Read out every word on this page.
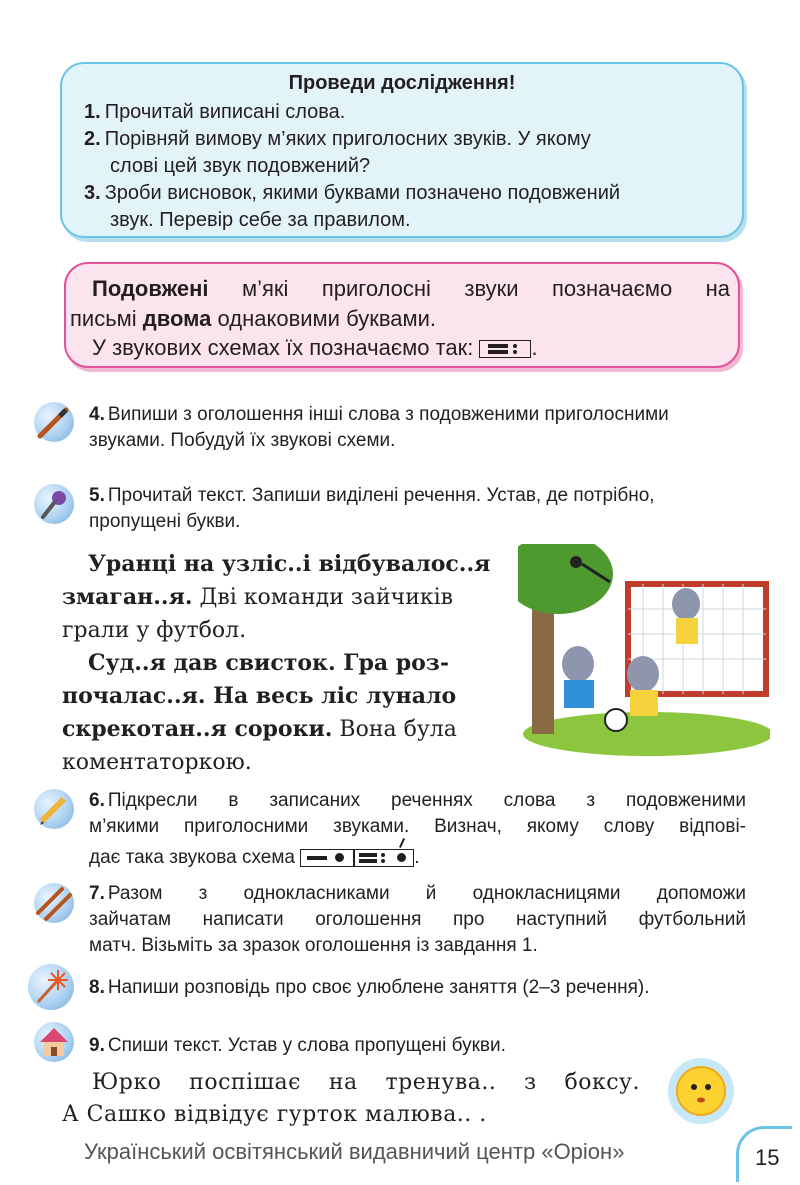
Проведи дослідження!
1. Прочитай виписані слова.
2. Порівняй вимову м’яких приголосних звуків. У якому
слові цей звук подовжений?
3. Зроби висновок, якими буквами позначено подовжений
звук. Перевір себе за правилом.
Подовжені м’які приголосні звуки позначаємо на
письмі двома однаковими буквами.
У звукових схемах їх позначаємо так:	.
4. Випиши з оголошення інші слова з подовженими приголосними
звуками. Побудуй їх звукові схеми.
5. Прочитай текст. Запиши виділені речення. Устав, де потрібно,
пропущені букви.
Уранці на узліс..і відбувалос..я
змаган..я. Дві команди зайчиків
грали у футбол.
Суд..я дав свисток. Гра роз-
почалас..я. На весь ліс лунало
скрекотан..я сороки. Вона була
коментаторкою.
6. Підкресли в записаних реченнях слова з подовженими
м’якими приголосними звуками. Визнач, якому слову відпові-
дає така звукова схема	.
7. Разом з однокласниками й однокласницями допоможи
зайчатам написати оголошення про наступний футбольний
матч. Візьміть за зразок оголошення із завдання 1.
8. Напиши розповідь про своє улюблене заняття (2–3 речення).
9. Спиши текст. Устав у слова пропущені букви.
Юрко поспішає на тренува.. з боксу.
А Сашко відвідує гурток малюва.. .
Український освітянський видавничий центр «Оріон»	15
